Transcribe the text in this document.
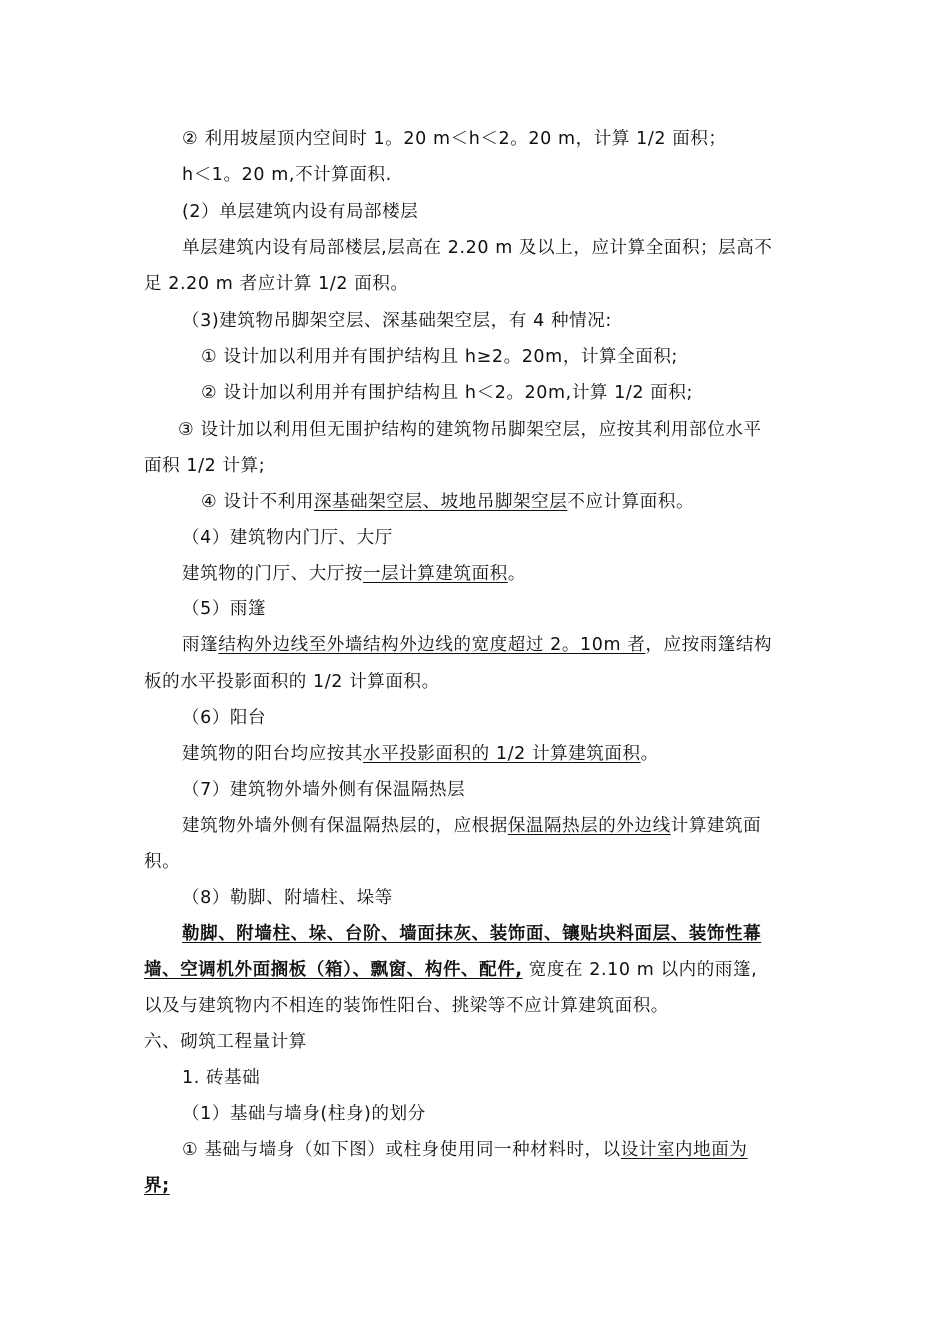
② 利用坡屋顶内空间时 1。20 m＜h＜2。20 m，计算 1/2 面积；
h＜1。20 m,不计算面积.
(2）单层建筑内设有局部楼层
单层建筑内设有局部楼层,层高在 2.20 m 及以上，应计算全面积；层高不
足 2.20 m 者应计算 1/2 面积。
（3)建筑物吊脚架空层、深基础架空层，有 4 种情况:
① 设计加以利用并有围护结构且 h≥2。20m，计算全面积;
② 设计加以利用并有围护结构且 h＜2。20m,计算 1/2 面积;
③ 设计加以利用但无围护结构的建筑物吊脚架空层，应按其利用部位水平
面积 1/2 计算;
④ 设计不利用深基础架空层、坡地吊脚架空层不应计算面积。
（4）建筑物内门厅、大厅
建筑物的门厅、大厅按一层计算建筑面积。
（5）雨篷
雨篷结构外边线至外墙结构外边线的宽度超过 2。10m 者，应按雨篷结构
板的水平投影面积的 1/2 计算面积。
（6）阳台
建筑物的阳台均应按其水平投影面积的 1/2 计算建筑面积。
（7）建筑物外墙外侧有保温隔热层
建筑物外墙外侧有保温隔热层的，应根据保温隔热层的外边线计算建筑面
积。
（8）勒脚、附墙柱、垛等
勒脚、附墙柱、垛、台阶、墙面抹灰、装饰面、镶贴块料面层、装饰性幕
墙、空调机外面搁板（箱）、飘窗、构件、配件, 宽度在 2.10 m 以内的雨篷,
以及与建筑物内不相连的装饰性阳台、挑梁等不应计算建筑面积。
六、砌筑工程量计算
1. 砖基础
（1）基础与墙身(柱身)的划分
① 基础与墙身（如下图）或柱身使用同一种材料时，以设计室内地面为
界;
